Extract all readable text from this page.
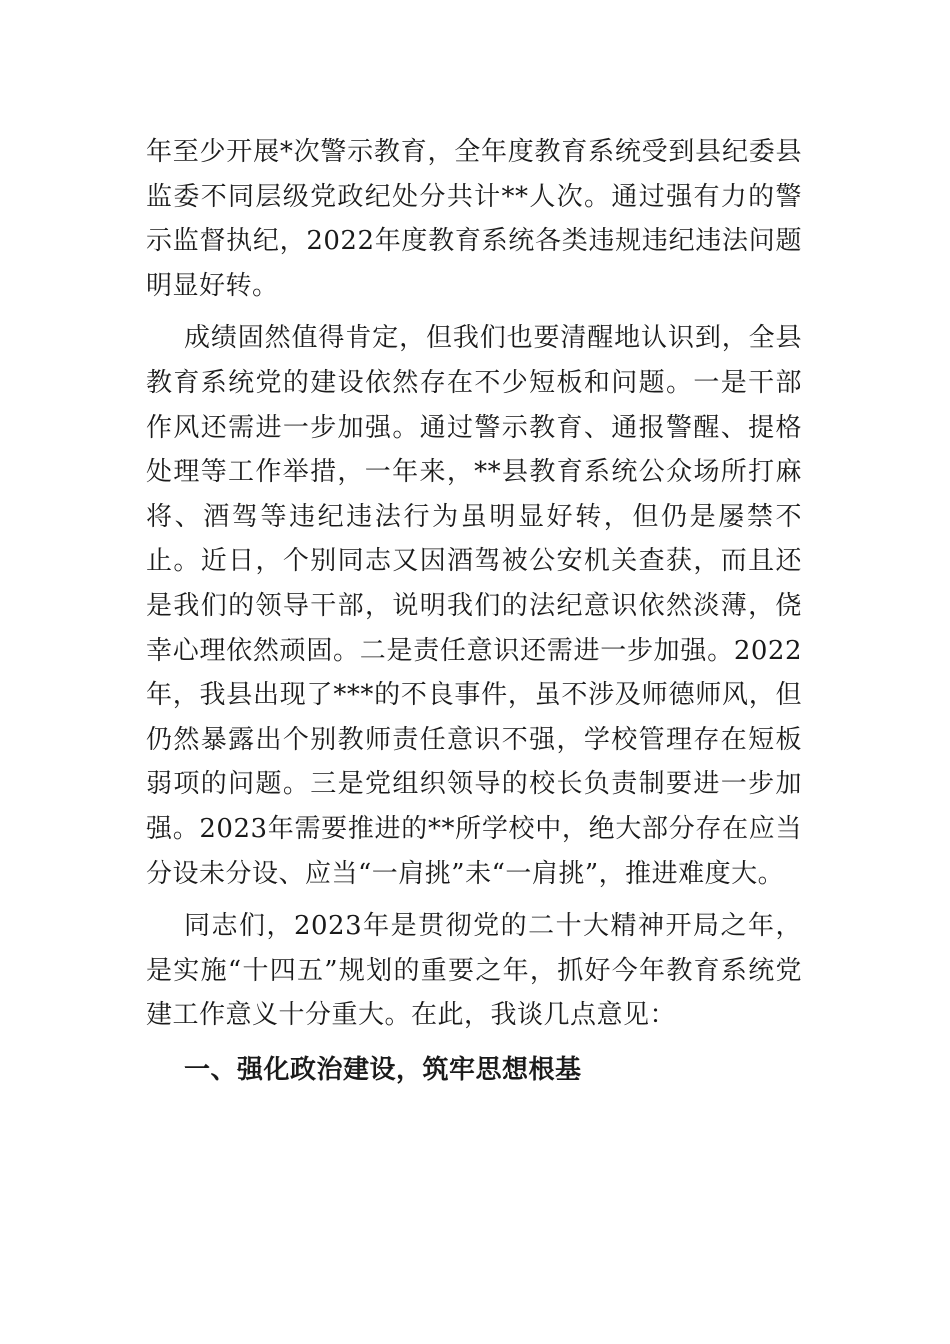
年至少开展*次警示教育，全年度教育系统受到县纪委县监委不同层级党政纪处分共计**人次。通过强有力的警示监督执纪，2022年度教育系统各类违规违纪违法问题明显好转。

成绩固然值得肯定，但我们也要清醒地认识到，全县教育系统党的建设依然存在不少短板和问题。一是干部作风还需进一步加强。通过警示教育、通报警醒、提格处理等工作举措，一年来，**县教育系统公众场所打麻将、酒驾等违纪违法行为虽明显好转，但仍是屡禁不止。近日，个别同志又因酒驾被公安机关查获，而且还是我们的领导干部，说明我们的法纪意识依然淡薄，侥幸心理依然顽固。二是责任意识还需进一步加强。2022年，我县出现了***的不良事件，虽不涉及师德师风，但仍然暴露出个别教师责任意识不强，学校管理存在短板弱项的问题。三是党组织领导的校长负责制要进一步加强。2023年需要推进的**所学校中，绝大部分存在应当分设未分设、应当“一肩挑”未“一肩挑”，推进难度大。

同志们，2023年是贯彻党的二十大精神开局之年，是实施“十四五”规划的重要之年，抓好今年教育系统党建工作意义十分重大。在此，我谈几点意见：

一、强化政治建设，筑牢思想根基
